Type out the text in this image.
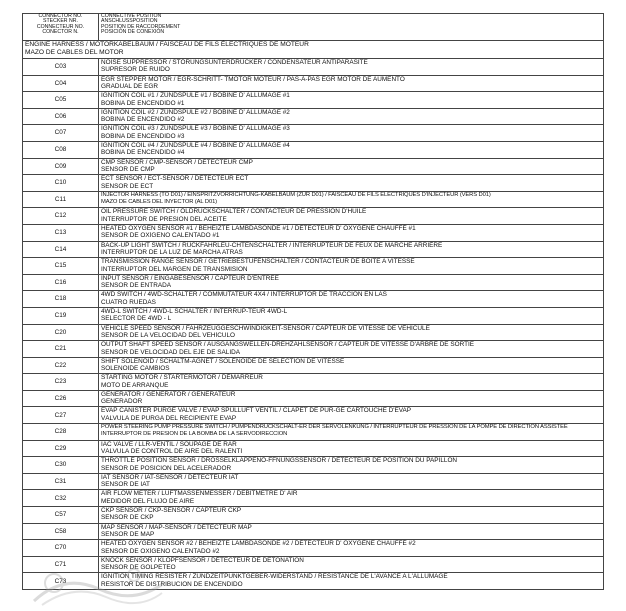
CONNECTOR NO.
STECKER NR.
CONNECTEUR NO.
CONECTOR N.	CONNECTIVE POSITION
ANSCHLUSSPOSITION
POSITION DE RACCORDEMENT
POSICIÓN DE CONEXIÓN

ENGINE HARNESS / MOTORKABELBAUM / FAISCEAU DE FILS ÉLECTRIQUES DE MOTEUR
MAZO DE CABLES DEL MOTOR	

C03	NOISE SUPPRESSOR / STÖRUNGSUNTERDRÜCKER / CONDENSATEUR ANTIPARASITE
SUPRESOR DE RUIDO

C04	EGR STEPPER MOTOR / EGR-SCHRITT- TMOTOR MOTEUR / PAS-À-PAS EGR MOTOR DE AUMENTO
GRADUAL DE EGR

C05	IGNITION COIL #1 / ZÜNDSPULE #1 / BOBINE D' ALLUMAGE #1
BOBINA DE ENCENDIDO #1

C06	IGNITION COIL #2 / ZÜNDSPULE #2 / BOBINE D' ALLUMAGE #2
BOBINA DE ENCENDIDO #2

C07	IGNITION COIL #3 / ZÜNDSPULE #3 / BOBINE D' ALLUMAGE #3
BOBINA DE ENCENDIDO #3

C08	IGNITION COIL #4 / ZÜNDSPULE #4 / BOBINE D' ALLUMAGE #4
BOBINA DE ENCENDIDO #4

C09	CMP SENSOR / CMP-SENSOR / DÉTECTEUR CMP
SENSOR DE CMP

C10	ECT SENSOR / ECT-SENSOR / DÉTECTEUR ECT
SENSOR DE ECT

C11	INJECTOR HARNESS (TO D01) / EINSPRITZVORRICHTUNG-KABELBAUM (ZUR D01) / FAISCEAU DE FILS ÉLECTRIQUES D'INJECTEUR (VERS D01)
MAZO DE CABLES DEL INYECTOR (AL D01)

C12	OIL PRESSURE SWITCH / ÖLDRUCKSCHALTER / CONTACTEUR DE PRESSION D'HUILE
INTERRUPTOR DE PRESIÓN DEL ACEITE

C13	HEATED OXYGEN SENSOR #1 / BEHEIZTE LAMBDASONDE #1 / DÉTECTEUR D' OXYGÈNE CHAUFFÉ #1
SENSOR DE OXÍGENO CALENTADO #1

C14	BACK-UP LIGHT SWITCH / RÜCKFAHRLEU-CHTENSCHALTER / INTERRUPTEUR DE FEUX DE MARCHE ARRIÈRE
INTERRUPTOR DE LA LUZ DE MARCHA ATRÁS

C15	TRANSMISSION RANGE SENSOR / GETRIEBESTUFENSCHALTER / CONTACTEUR DE BOITE A VITESSE
INTERRUPTOR DEL MARGEN DE TRANSMISIÓN

C16	INPUT SENSOR / EINGABESENSOR / CAPTEUR D'ENTREE
SENSOR DE ENTRADA

C18	4WD SWITCH / 4WD-SCHALTER / COMMUTATEUR 4X4 / INTERRUPTOR DE TRACCIÓN EN LAS
CUATRO RUEDAS

C19	4WD-L SWITCH / 4WD-L SCHALTER / INTERRUP-TEUR 4WD-L
SELECTOR DE 4WD - L

C20	VEHICLE SPEED SENSOR / FAHRZEUGGESCHWINDIGKEIT-SENSOR / CAPTEUR DE VITESSE DE VÉHICULE
SENSOR DE LA VELOCIDAD DEL VEHÍCULO

C21	OUTPUT SHAFT SPEED SENSOR / AUSGANGSWELLEN-DREHZAHLSENSOR / CAPTEUR DE VITESSE D'ARBRE DE SORTIE
SENSOR DE VELOCIDAD DEL EJE DE SALIDA

C22	SHIFT SOLENOID / SCHALTM-AGNET / SOLÉNOÏDE DE SÉLECTION DE VITESSE
SOLENOIDE CAMBIOS

C23	STARTING MOTOR / STARTERMOTOR / DÉMARREUR
MOTO DE ARRANQUE

C26	GENERATOR / GENERATOR / GENERATEUR
GENERADOR

C27	EVAP CANISTER PURGE VALVE / EVAP SPÜLLUFT VENTIL / CLAPET DE PUR-GE CARTOUCHE D'EVAP
VÁLVULA DE PURGA DEL RECIPIENTE EVAP

C28	POWER STEERING PUMP PRESSURE SWITCH / PUMPENDRUCKSCHALT-ER DER SERVOLENKUNG / INTERRUPTEUR DE PRESSION DE LA POMPE DE DIRECTION ASSISTÉE
INTERRUPTOR DE PRESIÓN DE LA BOMBA DE LA SERVODIRECCIÓN

C29	IAC VALVE / LLR-VENTIL / SOUPAGE DE RAR
VÁLVULA DE CONTROL DE AIRE DEL RALENTÍ

C30	THROTTLE POSITION SENSOR / DROSSELKLAPPENÖ-FFNUNGSSENSOR / DÉTECTEUR DE POSITION DU PAPILLON
SENSOR DE POSICIÓN DEL ACELERADOR

C31	IAT SENSOR / IAT-SENSOR / DÉTECTEUR IAT
SENSOR DE IAT

C32	AIR FLOW METER / LUFTMASSENMESSER / DEBITMETRE D' AIR
MEDIDOR DEL FLUJO DE AIRE

C57	CKP SENSOR / CKP-SENSOR / CAPTEUR CKP
SENSOR DE CKP

C58	MAP SENSOR / MAP-SENSOR / DÉTECTEUR MAP
SENSOR DE MAP

C70	HEATED OXYGEN SENSOR #2 / BEHEIZTE LAMBDASONDE #2 / DÉTECTEUR D' OXYGÈNE CHAUFFÉ #2
SENSOR DE OXÍGENO CALENTADO #2

C71	KNOCK SENSOR / KLOPFSENSOR / DÉTECTEUR DE DETONATION
SENSOR DE GOLPETEO

C73	IGNITION TIMING RESISTER / ZÜNDZEITPUNKTGEBER-WIDERSTAND / RESISTANCE DE L'AVANCE A L'ALLUMAGE
RESISTOR DE DISTRIBUCIÓN DE ENCENDIDO
